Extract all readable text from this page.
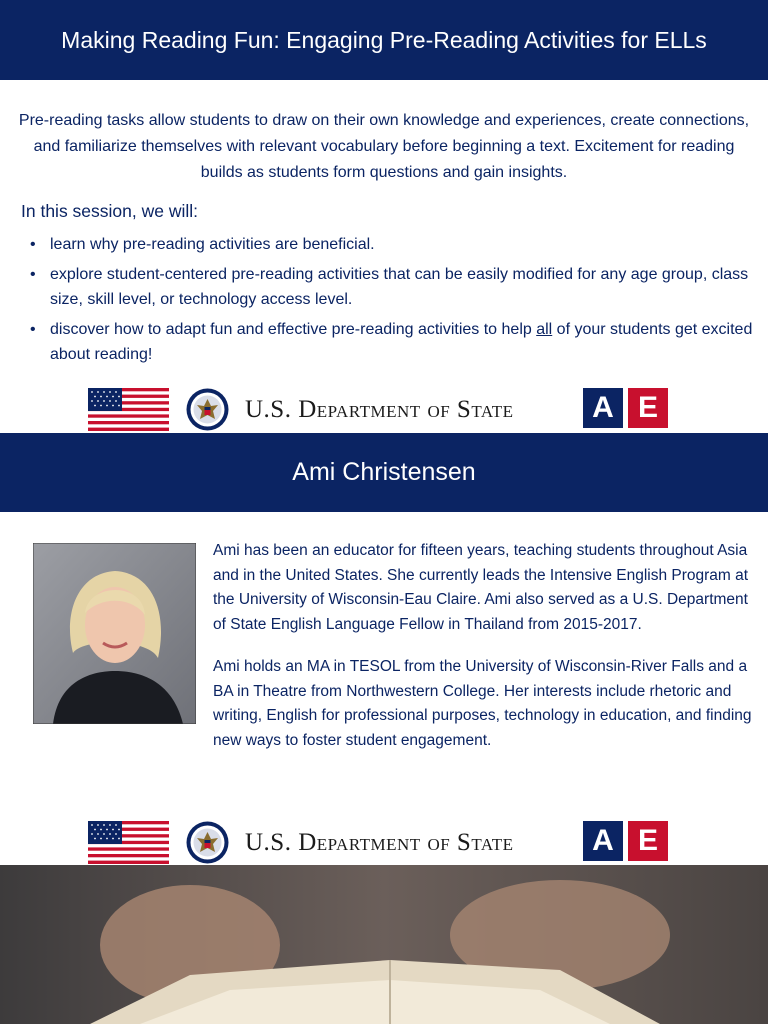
Making Reading Fun: Engaging Pre-Reading Activities for ELLs

Pre-reading tasks allow students to draw on their own knowledge and experiences, create connections, and familiarize themselves with relevant vocabulary before beginning a text. Excitement for reading builds as students form questions and gain insights.

In this session, we will:

• learn why pre-reading activities are beneficial.
• explore student-centered pre-reading activities that can be easily modified for any age group, class size, skill level, or technology access level.
• discover how to adapt fun and effective pre-reading activities to help all of your students get excited about reading!
U.S. DEPARTMENT OF STATE	A E
Ami Christensen

Ami has been an educator for fifteen years, teaching students throughout Asia and in the United States. She currently leads the Intensive English Program at the University of Wisconsin-Eau Claire. Ami also served as a U.S. Department of State English Language Fellow in Thailand from 2015-2017.

Ami holds an MA in TESOL from the University of Wisconsin-River Falls and a BA in Theatre from Northwestern College. Her interests include rhetoric and writing, English for professional purposes, technology in education, and finding new ways to foster student engagement.

U.S. DEPARTMENT OF STATE	A E
